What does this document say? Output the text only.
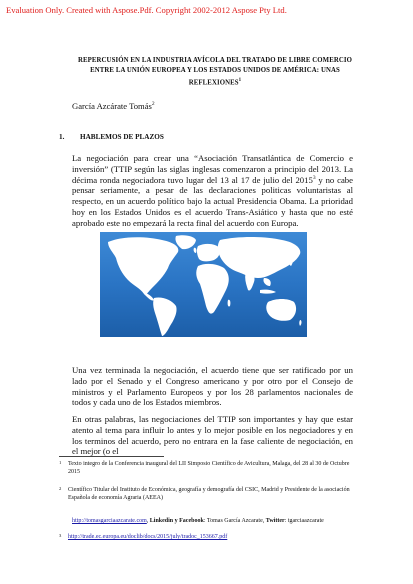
Evaluation Only. Created with Aspose.Pdf. Copyright 2002-2012 Aspose Pty Ltd.
REPERCUSIÓN EN LA INDUSTRIA AVÍCOLA DEL TRATADO DE LIBRE COMERCIO
ENTRE LA UNIÓN EUROPEA Y LOS ESTADOS UNIDOS DE AMÉRICA: UNAS
REFLEXIONES$^1$
García Azcárate Tomás$^2$
1. HABLEMOS DE PLAZOS
La negociación para crear una “Asociación Transatlántica de Comercio e inversión” (TTIP según las siglas inglesas comenzaron a principio del 2013. La décima ronda negociadora tuvo lugar del 13 al 17 de julio del 2015$^3$ y no cabe pensar seriamente, a pesar de las declaraciones politicas voluntaristas al respecto, en un acuerdo político bajo la actual Presidencia Obama. La prioridad hoy en los Estados Unidos es el acuerdo Trans-Asiático y hasta que no esté aprobado este no empezará la recta final del acuerdo con Europa.
Una vez terminada la negociación, el acuerdo tiene que ser ratificado por un lado por el Senado y el Congreso americano y por otro por el Consejo de ministros y el Parlamento Europeos y por los 28 parlamentos nacionales de todos y cada uno de los Estados miembros.
En otras palabras, las negociaciones del TTIP son importantes y hay que estar atento al tema para influir lo antes y lo mejor posible en los negociadores y en los terminos del acuerdo, pero no entrara en la fase caliente de negociación, en el mejor (o el
1 Texto integro de la Conferencia inaugural del LII Simposio Científico de Avicultura, Malaga, del 28 al 30 de Octubre 2015
2 Científico Titular del Instituto de Económica, geografía y demografía del CSIC, Madrid y Presidente de la asociación Española de economía Agraria (AEEA)
http://tomasgarciaazcarate.com, Linkedin y Facebook: Tomas García Azcarate, Twitter: tgarciaazcarate
3 http://trade.ec.europa.eu/doclib/docs/2015/july/tradoc_153667.pdf
